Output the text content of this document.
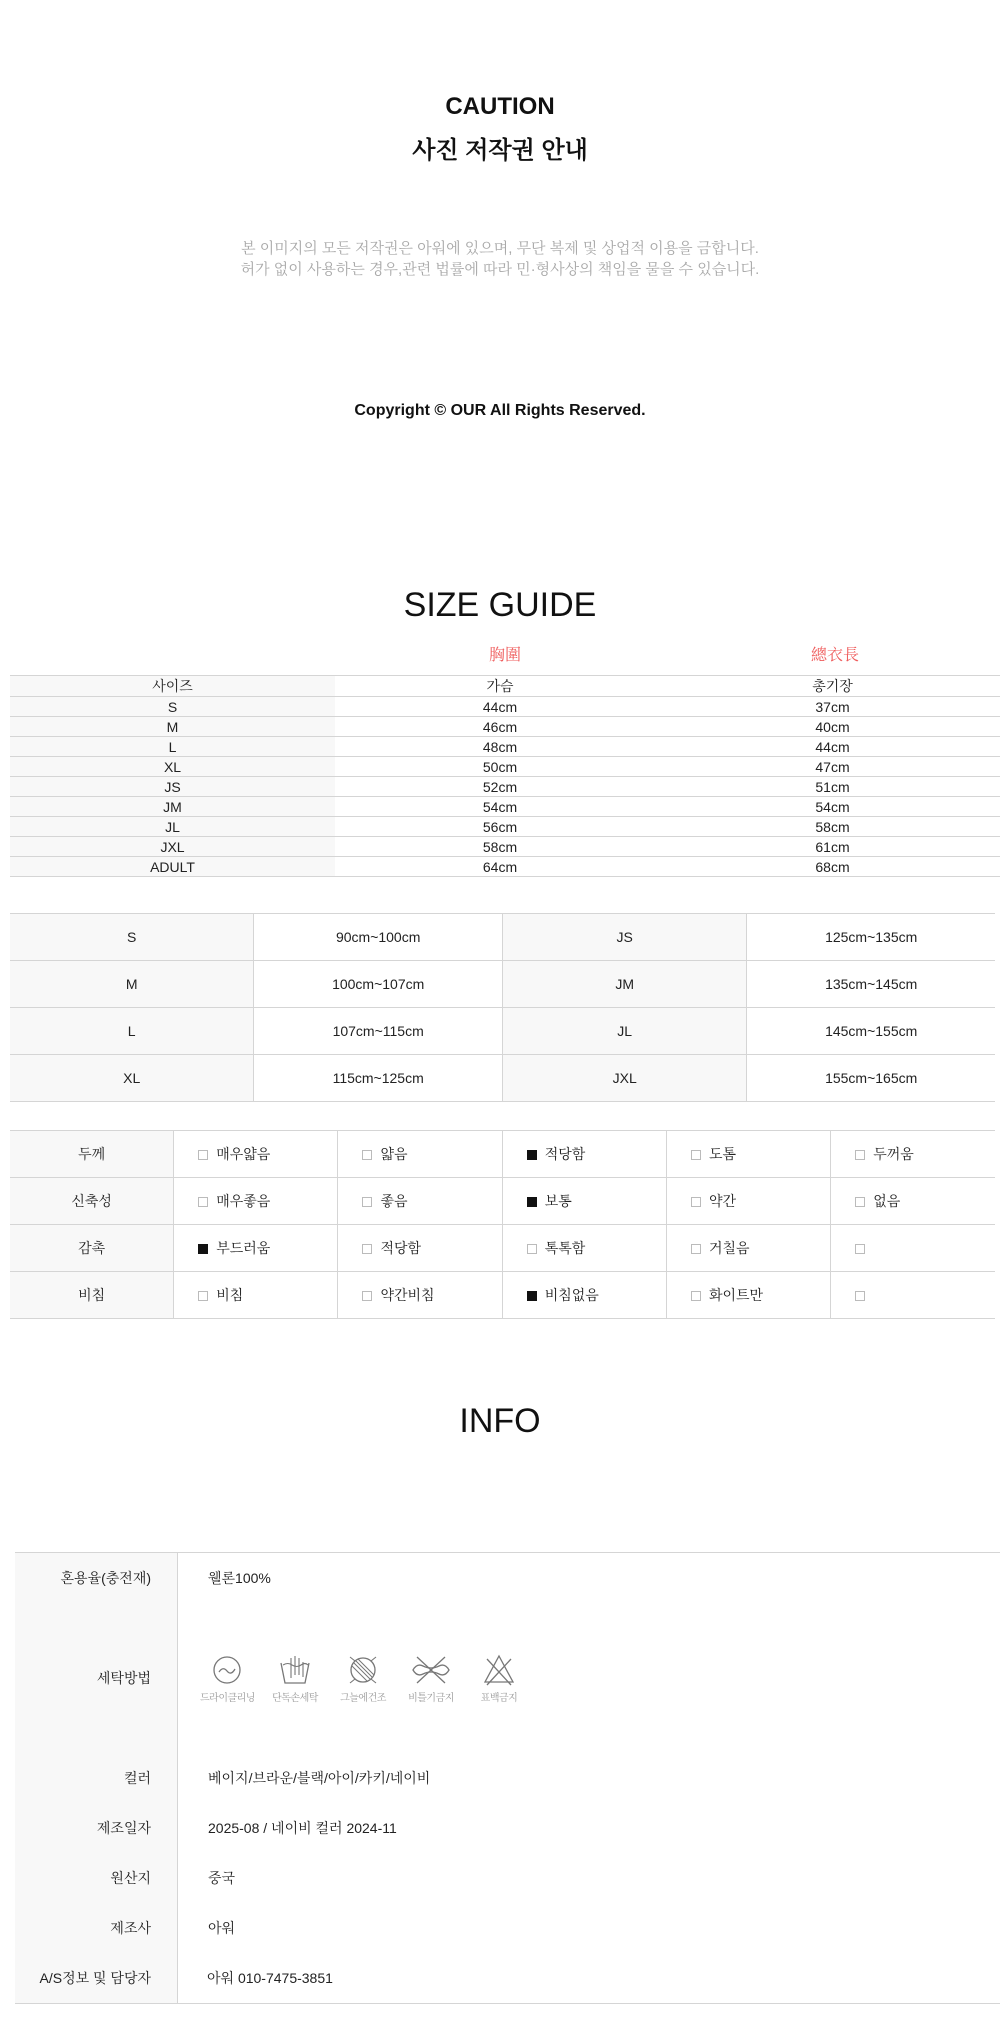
CAUTION
사진 저작권 안내
본 이미지의 모든 저작권은 아워에 있으며, 무단 복제 및 상업적 이용을 금합니다.
허가 없이 사용하는 경우,관련 법률에 따라 민·형사상의 책임을 물을 수 있습니다.
Copyright © OUR All Rights Reserved.
SIZE GUIDE
胸圍	總衣長
사이즈	가슴	총기장
S	44cm	37cm
M	46cm	40cm
L	48cm	44cm
XL	50cm	47cm
JS	52cm	51cm
JM	54cm	54cm
JL	56cm	58cm
JXL	58cm	61cm
ADULT	64cm	68cm
S	90cm~100cm	JS	125cm~135cm
M	100cm~107cm	JM	135cm~145cm
L	107cm~115cm	JL	145cm~155cm
XL	115cm~125cm	JXL	155cm~165cm
두께	매우얇음	얇음	적당함	도톰	두꺼움
신축성	매우좋음	좋음	보통	약간	없음
감촉	부드러움	적당함	톡톡함	거칠음	
비침	비침	약간비침	비침없음	화이트만	
INFO
혼용율(충전재)	웰론100%
세탁방법
드라이클리닝	단독손세탁	그늘에건조	비틀기금지	표백금지
컬러	베이지/브라운/블랙/아이/카키/네이비
제조일자	2025-08 / 네이비 컬러 2024-11
원산지	중국
제조사	아워
A/S정보 및 담당자	아워 010-7475-3851
